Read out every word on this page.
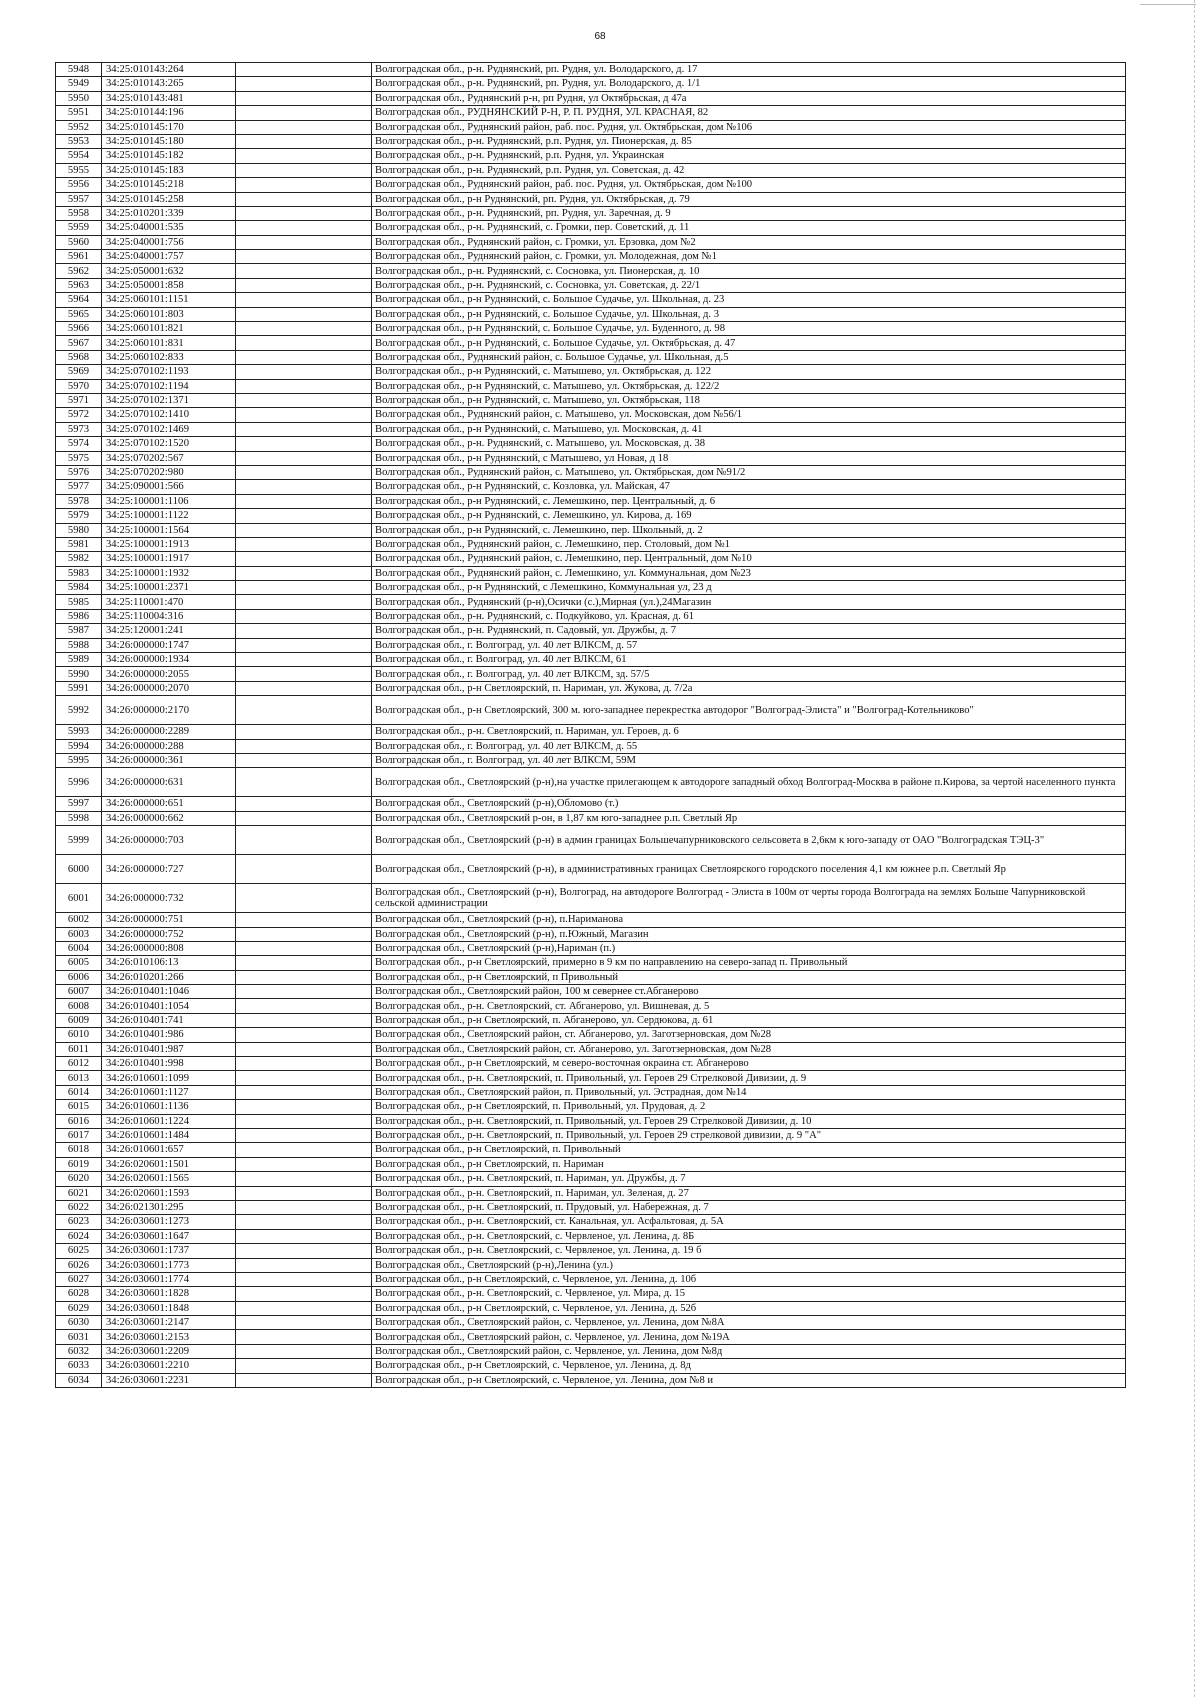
68
5948	34:25:010143:264		Волгоградская обл., р-н. Руднянский, рп. Рудня, ул. Володарского, д. 17
5949	34:25:010143:265		Волгоградская обл., р-н. Руднянский, рп. Рудня, ул. Володарского, д. 1/1
5950	34:25:010143:481		Волгоградская обл., Руднянский р-н, рп Рудня, ул Октябрьская, д 47а
5951	34:25:010144:196		Волгоградская обл., РУДНЯНСКИЙ Р-Н, Р. П. РУДНЯ, УЛ. КРАСНАЯ, 82
5952	34:25:010145:170		Волгоградская обл., Руднянский район, раб. пос. Рудня, ул. Октябрьская, дом №106
5953	34:25:010145:180		Волгоградская обл., р-н. Руднянский, р.п. Рудня, ул. Пионерская, д. 85
5954	34:25:010145:182		Волгоградская обл., р-н. Руднянский, р.п. Рудня, ул. Украинская
5955	34:25:010145:183		Волгоградская обл., р-н. Руднянский, р.п. Рудня, ул. Советская, д. 42
5956	34:25:010145:218		Волгоградская обл., Руднянский район, раб. пос. Рудня, ул. Октябрьская, дом №100
5957	34:25:010145:258		Волгоградская обл., р-н Руднянский, рп. Рудня, ул. Октябрьская, д. 79
5958	34:25:010201:339		Волгоградская обл., р-н. Руднянский, рп. Рудня, ул. Заречная, д. 9
5959	34:25:040001:535		Волгоградская обл., р-н. Руднянский, с. Громки, пер. Советский, д. 11
5960	34:25:040001:756		Волгоградская обл., Руднянский район, с. Громки, ул. Ерзовка, дом №2
5961	34:25:040001:757		Волгоградская обл., Руднянский район, с. Громки, ул. Молодежная, дом №1
5962	34:25:050001:632		Волгоградская обл., р-н. Руднянский, с. Сосновка, ул. Пионерская, д. 10
5963	34:25:050001:858		Волгоградская обл., р-н. Руднянский, с. Сосновка, ул. Советская, д. 22/1
5964	34:25:060101:1151		Волгоградская обл., р-н Руднянский, с. Большое Судачье, ул. Школьная, д. 23
5965	34:25:060101:803		Волгоградская обл., р-н Руднянский, с. Большое Судачье, ул. Школьная, д. 3
5966	34:25:060101:821		Волгоградская обл., р-н Руднянский, с. Большое Судачье, ул. Буденного, д. 98
5967	34:25:060101:831		Волгоградская обл., р-н Руднянский, с. Большое Судачье, ул. Октябрьская, д. 47
5968	34:25:060102:833		Волгоградская обл., Руднянский район, с. Большое Судачье, ул. Школьная, д.5
5969	34:25:070102:1193		Волгоградская обл., р-н Руднянский, с. Матышево, ул. Октябрьская, д. 122
5970	34:25:070102:1194		Волгоградская обл., р-н Руднянский, с. Матышево, ул. Октябрьская, д. 122/2
5971	34:25:070102:1371		Волгоградская обл., р-н Руднянский, с. Матышево, ул. Октябрьская, 118
5972	34:25:070102:1410		Волгоградская обл., Руднянский район, с. Матышево, ул. Московская, дом №56/1
5973	34:25:070102:1469		Волгоградская обл., р-н Руднянский, с. Матышево, ул. Московская, д. 41
5974	34:25:070102:1520		Волгоградская обл., р-н. Руднянский, с. Матышево, ул. Московская, д. 38
5975	34:25:070202:567		Волгоградская обл., р-н Руднянский, с Матышево, ул Новая, д 18
5976	34:25:070202:980		Волгоградская обл., Руднянский район, с. Матышево, ул. Октябрьская, дом №91/2
5977	34:25:090001:566		Волгоградская обл., р-н Руднянский, с. Козловка, ул. Майская, 47
5978	34:25:100001:1106		Волгоградская обл., р-н Руднянский, с. Лемешкино, пер. Центральный, д. 6
5979	34:25:100001:1122		Волгоградская обл., р-н Руднянский, с. Лемешкино, ул. Кирова, д. 169
5980	34:25:100001:1564		Волгоградская обл., р-н Руднянский, с. Лемешкино, пер. Школьный, д. 2
5981	34:25:100001:1913		Волгоградская обл., Руднянский район, с. Лемешкино, пер. Столовый, дом №1
5982	34:25:100001:1917		Волгоградская обл., Руднянский район, с. Лемешкино, пер. Центральный, дом №10
5983	34:25:100001:1932		Волгоградская обл., Руднянский район, с. Лемешкино, ул. Коммунальная, дом №23
5984	34:25:100001:2371		Волгоградская обл., р-н Руднянский, с Лемешкино, Коммунальная ул, 23 д
5985	34:25:110001:470		Волгоградская обл., Руднянский (р-н),Осички (с.),Мирная (ул.),24Магазин
5986	34:25:110004:316		Волгоградская обл., р-н. Руднянский, с. Подкуйково, ул. Красная, д. 61
5987	34:25:120001:241		Волгоградская обл., р-н. Руднянский, п. Садовый, ул. Дружбы, д. 7
5988	34:26:000000:1747		Волгоградская обл., г. Волгоград, ул. 40 лет ВЛКСМ, д. 57
5989	34:26:000000:1934		Волгоградская обл., г. Волгоград, ул. 40 лет ВЛКСМ, 61
5990	34:26:000000:2055		Волгоградская обл., г. Волгоград, ул. 40 лет ВЛКСМ, зд. 57/5
5991	34:26:000000:2070		Волгоградская обл., р-н Светлоярский, п. Нариман, ул. Жукова, д. 7/2а
5992	34:26:000000:2170		Волгоградская обл., р-н Светлоярский, 300 м. юго-западнее перекрестка автодорог "Волгоград-Элиста" и "Волгоград-Котельниково"
5993	34:26:000000:2289		Волгоградская обл., р-н. Светлоярский, п. Нариман, ул. Героев, д. 6
5994	34:26:000000:288		Волгоградская обл., г. Волгоград, ул. 40 лет ВЛКСМ, д. 55
5995	34:26:000000:361		Волгоградская обл., г. Волгоград, ул. 40 лет ВЛКСМ, 59М
5996	34:26:000000:631		Волгоградская обл., Светлоярский (р-н),на участке прилегающем к автодороге западный обход Волгоград-Москва в районе п.Кирова, за чертой населенного пункта
5997	34:26:000000:651		Волгоградская обл., Светлоярский (р-н),Обломово (т.)
5998	34:26:000000:662		Волгоградская обл., Светлоярский р-он, в 1,87 км юго-западнее р.п. Светлый Яр
5999	34:26:000000:703		Волгоградская обл., Светлоярский (р-н) в админ границах Большечапурниковского сельсовета в 2,6км к юго-западу от ОАО "Волгоградская ТЭЦ-3"
6000	34:26:000000:727		Волгоградская обл., Светлоярский (р-н), в административных границах Светлоярского городского поселения 4,1 км южнее р.п. Светлый Яр
6001	34:26:000000:732		Волгоградская обл., Светлоярский (р-н), Волгоград, на автодороге Волгоград - Элиста в 100м от черты города Волгограда на землях Больше Чапурниковской сельской администрации
6002	34:26:000000:751		Волгоградская обл., Светлоярский (р-н), п.Наримановa
6003	34:26:000000:752		Волгоградская обл., Светлоярский (р-н), п.Южный, Магазин
6004	34:26:000000:808		Волгоградская обл., Светлоярский (р-н),Нариман (п.)
6005	34:26:010106:13		Волгоградская обл., р-н Светлоярский, примерно в 9 км по направлению на северо-запад п. Привольный
6006	34:26:010201:266		Волгоградская обл., р-н Светлоярский, п Привольный
6007	34:26:010401:1046		Волгоградская обл., Светлоярский район, 100 м севернее ст.Абганерово
6008	34:26:010401:1054		Волгоградская обл., р-н. Светлоярский, ст. Абганерово, ул. Вишневая, д. 5
6009	34:26:010401:741		Волгоградская обл., р-н Светлоярский, п. Абганерово, ул. Сердюкова, д. 61
6010	34:26:010401:986		Волгоградская обл., Светлоярский район, ст. Абганерово, ул. Заготзерновская, дом №28
6011	34:26:010401:987		Волгоградская обл., Светлоярский район, ст. Абганерово, ул. Заготзерновская, дом №28
6012	34:26:010401:998		Волгоградская обл., р-н Светлоярский, м северо-восточная окраина ст. Абганерово
6013	34:26:010601:1099		Волгоградская обл., р-н. Светлоярский, п. Привольный, ул. Героев 29 Стрелковой Дивизии, д. 9
6014	34:26:010601:1127		Волгоградская обл., Светлоярский район, п. Привольный, ул. Эстрадная, дом №14
6015	34:26:010601:1136		Волгоградская обл., р-н Светлоярский, п. Привольный, ул. Прудовая, д. 2
6016	34:26:010601:1224		Волгоградская обл., р-н. Светлоярский, п. Привольный, ул. Героев 29 Стрелковой Дивизии, д. 10
6017	34:26:010601:1484		Волгоградская обл., р-н. Светлоярский, п. Привольный, ул. Героев 29 стрелковой дивизии, д. 9 "А"
6018	34:26:010601:657		Волгоградская обл., р-н Светлоярский, п. Привольный
6019	34:26:020601:1501		Волгоградская обл., р-н Светлоярский, п. Нариман
6020	34:26:020601:1565		Волгоградская обл., р-н. Светлоярский, п. Нариман, ул. Дружбы, д. 7
6021	34:26:020601:1593		Волгоградская обл., р-н. Светлоярский, п. Нариман, ул. Зеленая, д. 27
6022	34:26:021301:295		Волгоградская обл., р-н. Светлоярский, п. Прудовый, ул. Набережная, д. 7
6023	34:26:030601:1273		Волгоградская обл., р-н. Светлоярский, ст. Канальная, ул. Асфальтовая, д. 5А
6024	34:26:030601:1647		Волгоградская обл., р-н. Светлоярский, с. Червленое, ул. Ленина, д. 8Б
6025	34:26:030601:1737		Волгоградская обл., р-н. Светлоярский, с. Червленое, ул. Ленина, д. 19 б
6026	34:26:030601:1773		Волгоградская обл., Светлоярский (р-н),Ленина (ул.)
6027	34:26:030601:1774		Волгоградская обл., р-н Светлоярский, с. Червленое, ул. Ленина, д. 10б
6028	34:26:030601:1828		Волгоградская обл., р-н. Светлоярский, с. Червленое, ул. Мира, д. 15
6029	34:26:030601:1848		Волгоградская обл., р-н Светлоярский, с. Червленое, ул. Ленина, д. 52б
6030	34:26:030601:2147		Волгоградская обл., Светлоярский район, с. Червленое, ул. Ленина, дом №8А
6031	34:26:030601:2153		Волгоградская обл., Светлоярский район, с. Червленое, ул. Ленина, дом №19А
6032	34:26:030601:2209		Волгоградская обл., Светлоярский район, с. Червленое, ул. Ленина, дом №8д
6033	34:26:030601:2210		Волгоградская обл., р-н Светлоярский, с. Червленое, ул. Ленина, д. 8д
6034	34:26:030601:2231		Волгоградская обл., р-н Светлоярский, с. Червленое, ул. Ленина, дом №8 и
